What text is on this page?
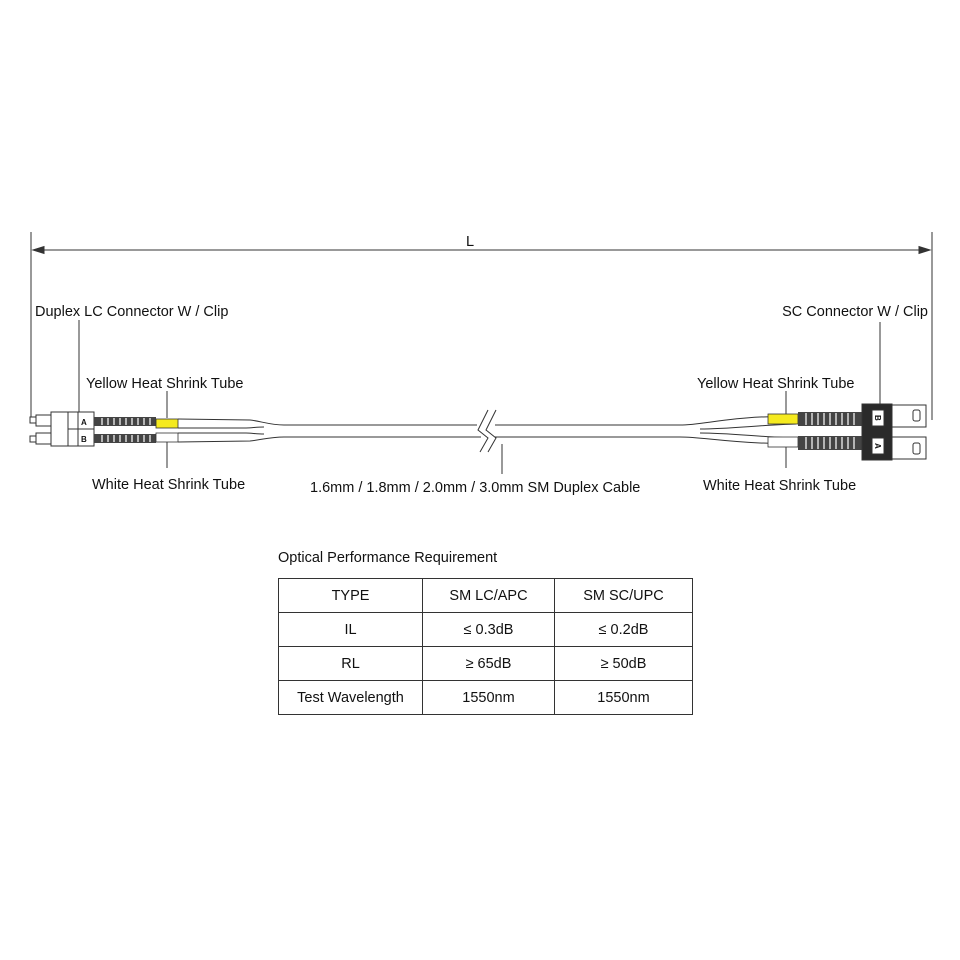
L
A
B
B
A
Duplex LC Connector W / Clip	SC Connector W / Clip
Yellow Heat Shrink Tube
White Heat Shrink Tube
Yellow Heat Shrink Tube
White Heat Shrink Tube
1.6mm / 1.8mm / 2.0mm / 3.0mm SM Duplex Cable
Optical Performance Requirement
TYPE	SM LC/APC	SM SC/UPC
IL	≤ 0.3dB	≤ 0.2dB
RL	≥ 65dB	≥ 50dB
Test Wavelength	1550nm	1550nm
